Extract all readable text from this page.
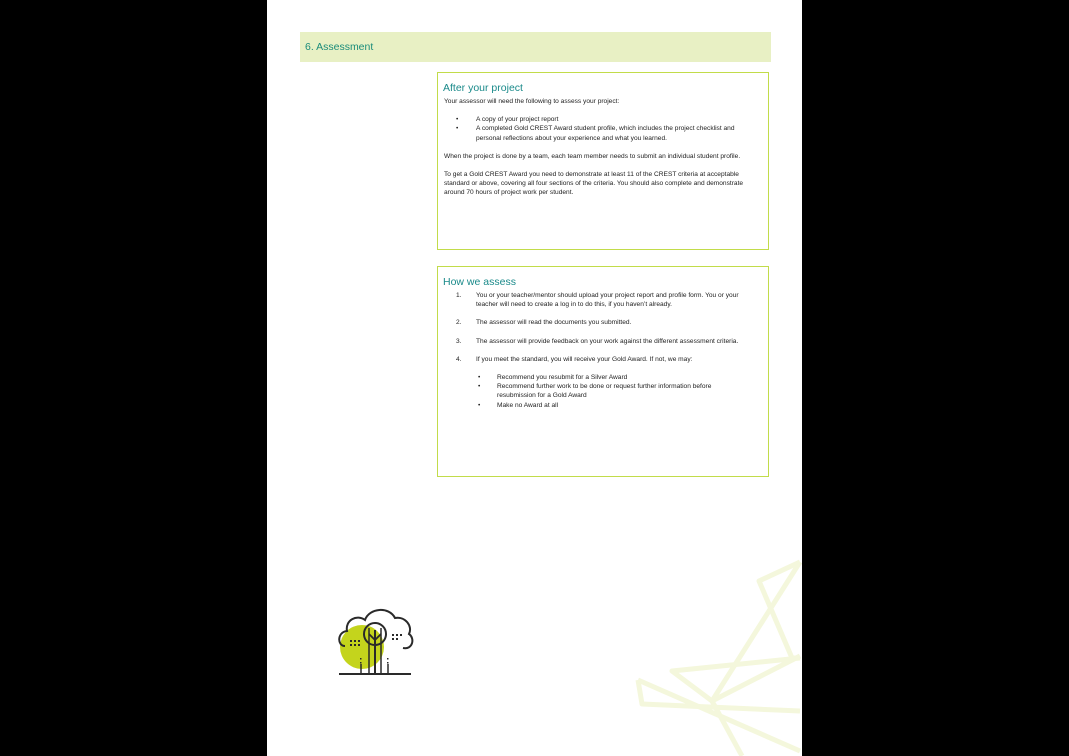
6. Assessment
After your project

Your assessor will need the following to assess your project:

• A copy of your project report
• A completed Gold CREST Award student profile, which includes the project checklist and personal reflections about your experience and what you learned.

When the project is done by a team, each team member needs to submit an individual student profile.

To get a Gold CREST Award you need to demonstrate at least 11 of the CREST criteria at acceptable standard or above, covering all four sections of the criteria. You should also complete and demonstrate around 70 hours of project work per student.

How we assess
1. You or your teacher/mentor should upload your project report and profile form. You or your teacher will need to create a log in to do this, if you haven’t already.
2. The assessor will read the documents you submitted.
3. The assessor will provide feedback on your work against the different assessment criteria.
4. If you meet the standard, you will receive your Gold Award. If not, we may:
• Recommend you resubmit for a Silver Award
• Recommend further work to be done or request further information before resubmission for a Gold Award
• Make no Award at all
